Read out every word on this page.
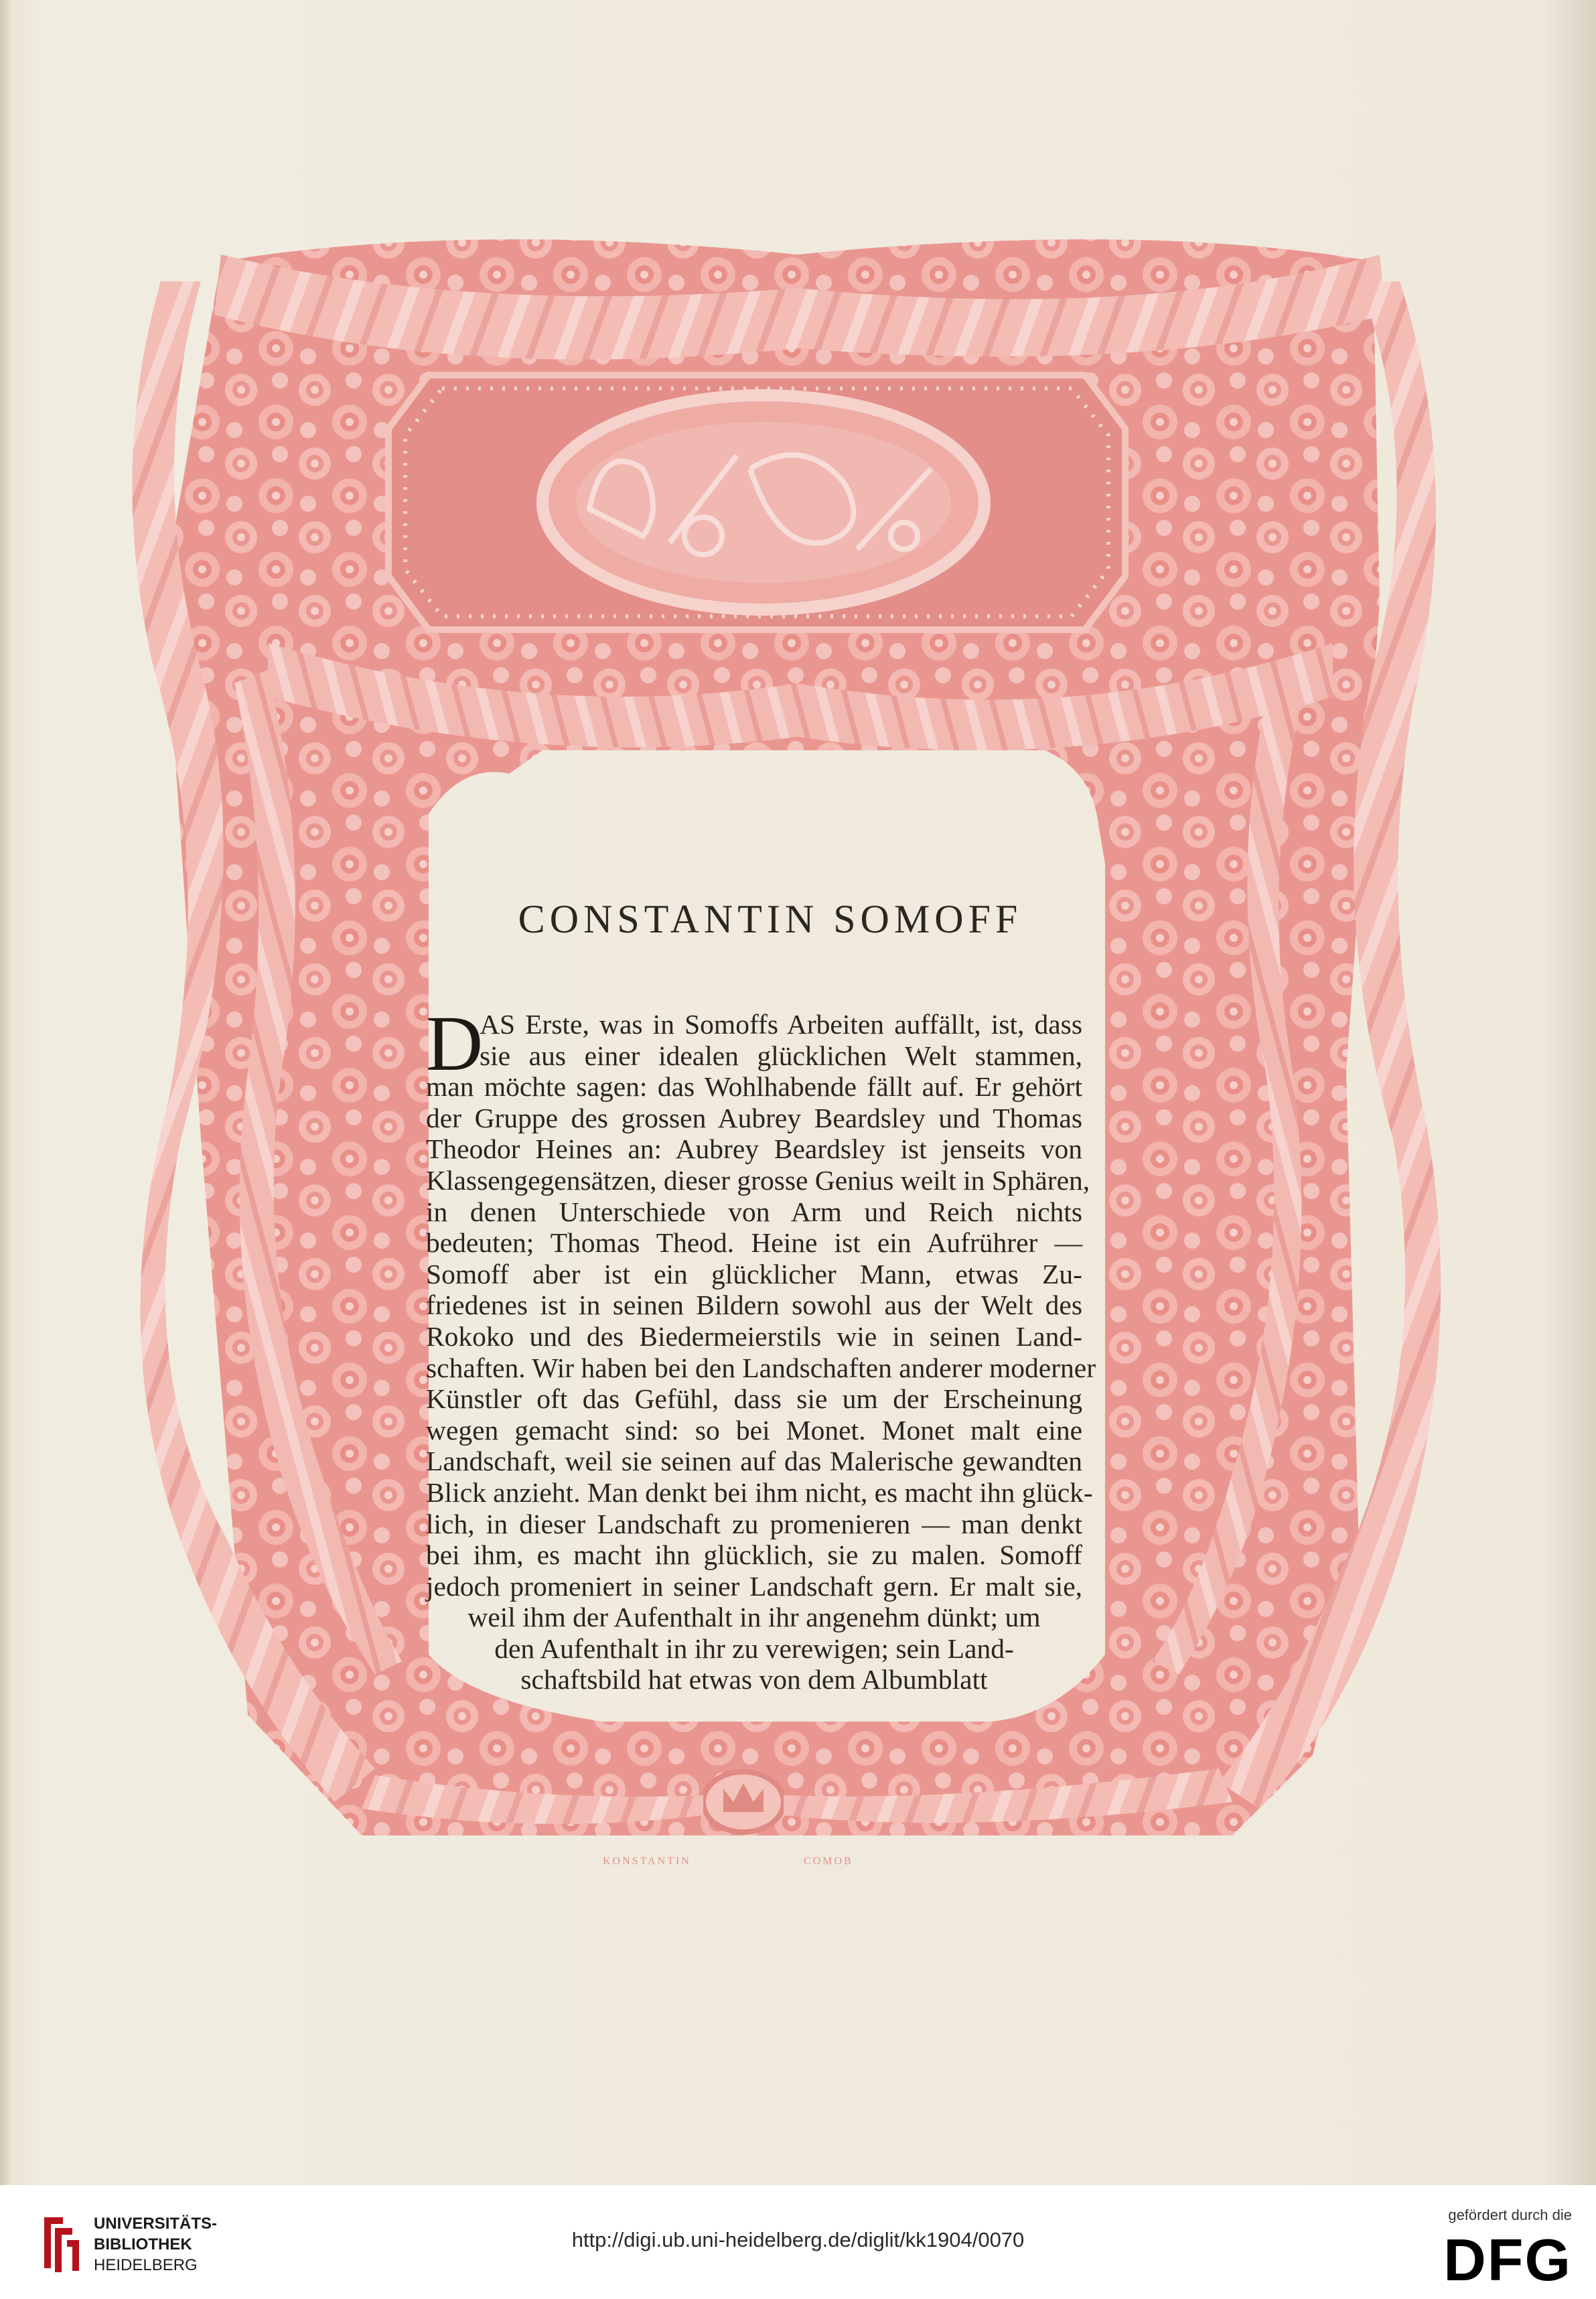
KONSTANTIN	СОМОВ
CONSTANTIN SOMOFF
D
AS Erste, was in Somoffs Arbeiten auffällt, ist, dass
sie aus einer idealen glücklichen Welt stammen,
man möchte sagen: das Wohlhabende fällt auf. Er gehört
der Gruppe des grossen Aubrey Beardsley und Thomas
Theodor Heines an: Aubrey Beardsley ist jenseits von
Klassengegensätzen, dieser grosse Genius weilt in Sphären,
in denen Unterschiede von Arm und Reich nichts
bedeuten; Thomas Theod. Heine ist ein Aufrührer —
Somoff aber ist ein glücklicher Mann, etwas Zu-
friedenes ist in seinen Bildern sowohl aus der Welt des
Rokoko und des Biedermeierstils wie in seinen Land-
schaften. Wir haben bei den Landschaften anderer moderner
Künstler oft das Gefühl, dass sie um der Erscheinung
wegen gemacht sind: so bei Monet. Monet malt eine
Landschaft, weil sie seinen auf das Malerische gewandten
Blick anzieht. Man denkt bei ihm nicht, es macht ihn glück-
lich, in dieser Landschaft zu promenieren — man denkt
bei ihm, es macht ihn glücklich, sie zu malen. Somoff
jedoch promeniert in seiner Landschaft gern. Er malt sie,
weil ihm der Aufenthalt in ihr angenehm dünkt; um
den Aufenthalt in ihr zu verewigen; sein Land-
schaftsbild hat etwas von dem Albumblatt
UNIVERSITÄTS-
BIBLIOTHEK
HEIDELBERG
http://digi.ub.uni-heidelberg.de/diglit/kk1904/0070
gefördert durch die
DFG
